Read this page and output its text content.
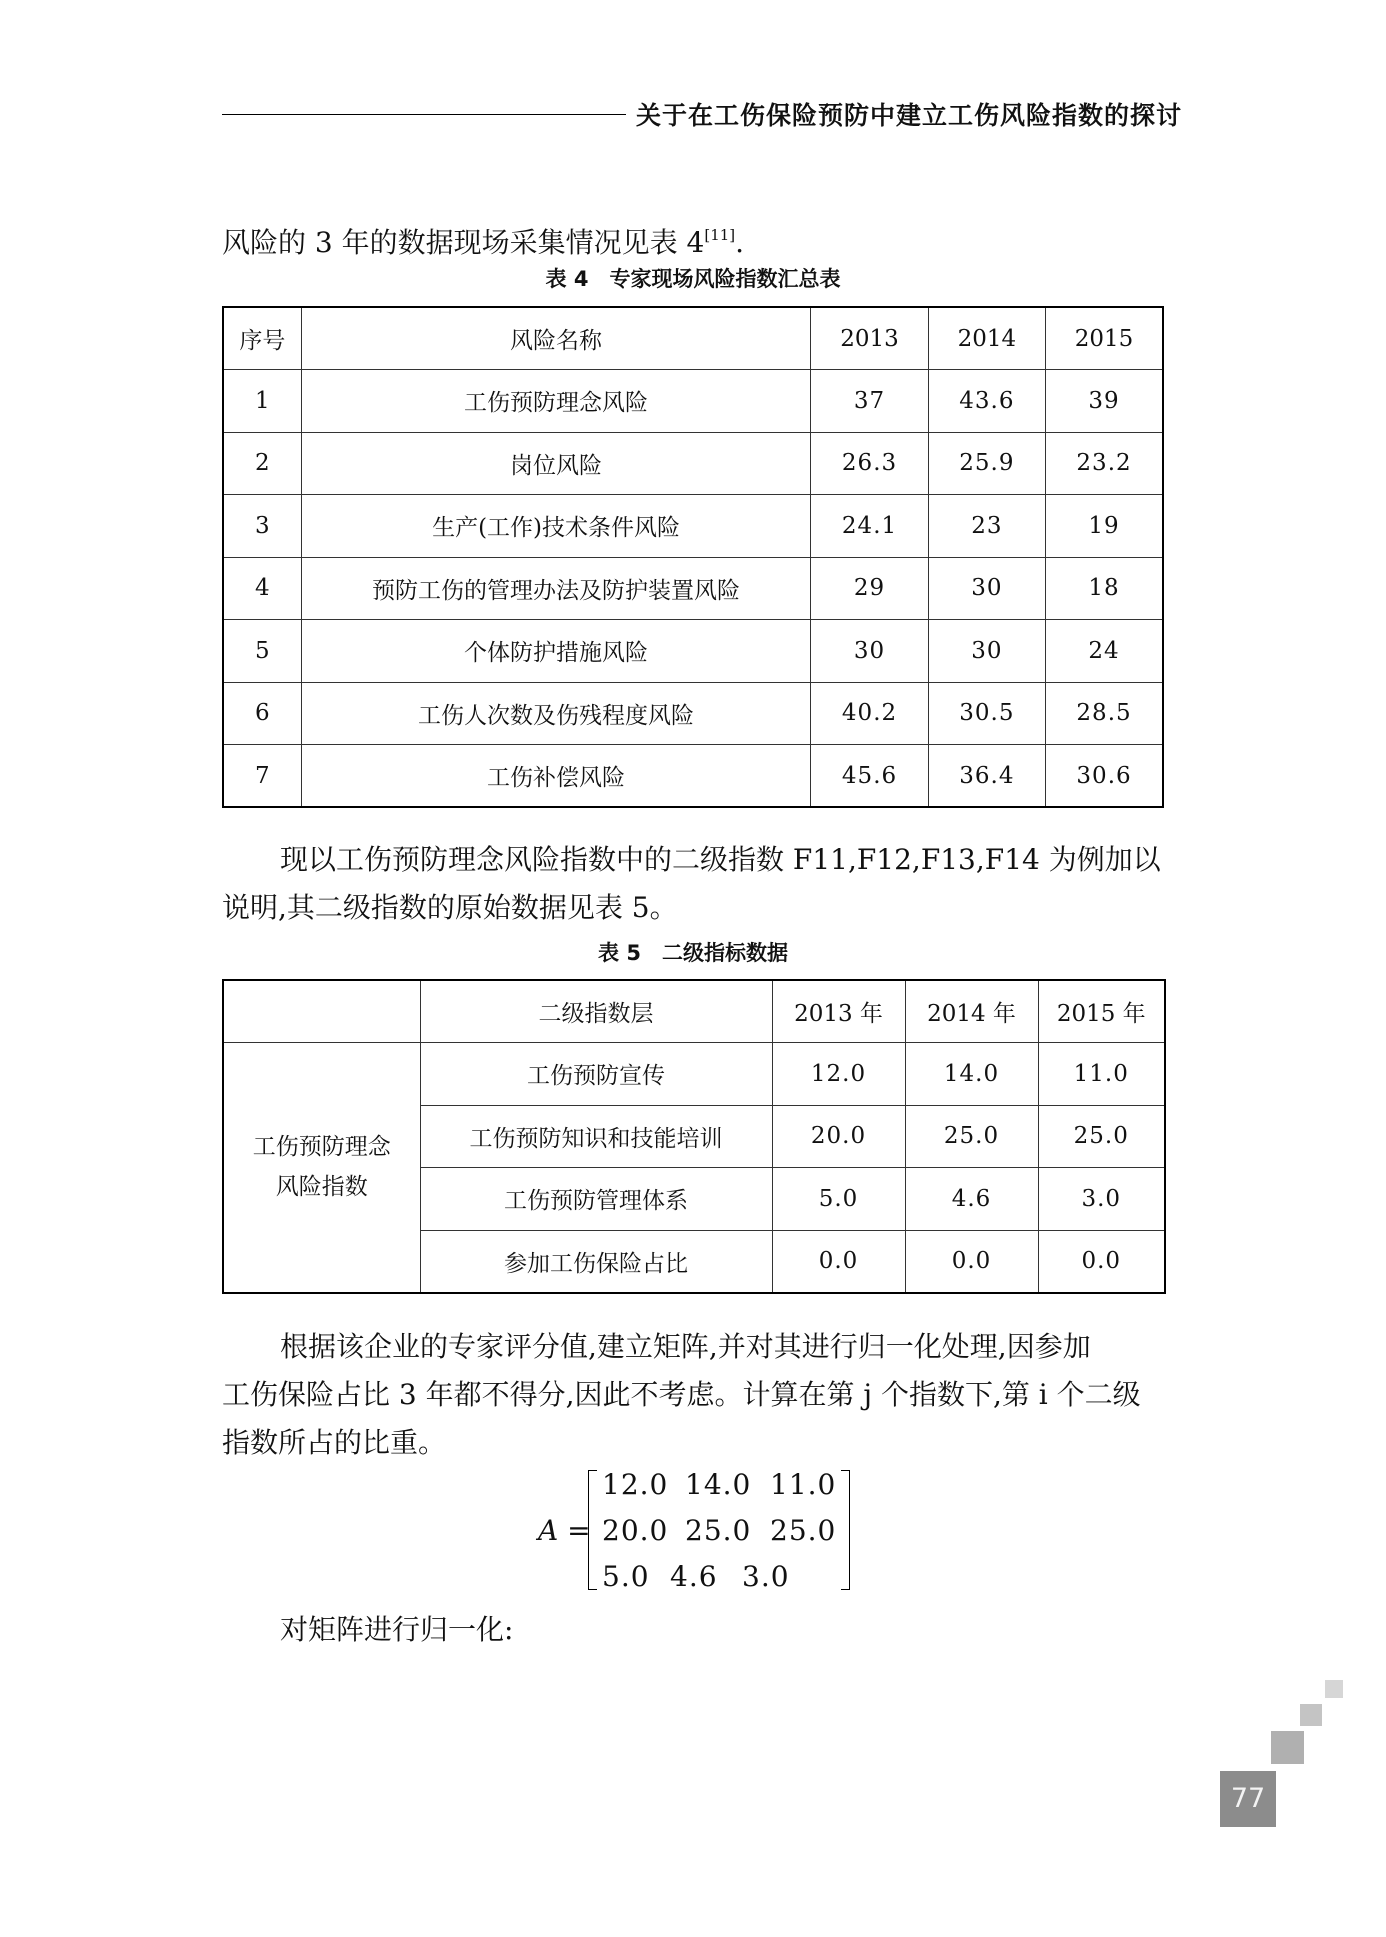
关于在工伤保险预防中建立工伤风险指数的探讨
风险的 3 年的数据现场采集情况见表 4[11].
表 4　专家现场风险指数汇总表
序号	风险名称	2013	2014	2015
1	工伤预防理念风险	37	43.6	39
2	岗位风险	26.3	25.9	23.2
3	生产(工作)技术条件风险	24.1	23	19
4	预防工伤的管理办法及防护装置风险	29	30	18
5	个体防护措施风险	30	30	24
6	工伤人次数及伤残程度风险	40.2	30.5	28.5
7	工伤补偿风险	45.6	36.4	30.6
现以工伤预防理念风险指数中的二级指数 F11,F12,F13,F14 为例加以
说明,其二级指数的原始数据见表 5。
表 5　二级指标数据
	二级指数层	2013 年	2014 年	2015 年

工伤预防理念
风险指数	工伤预防宣传	12.0	14.0	11.0
	工伤预防知识和技能培训	20.0	25.0	25.0
	工伤预防管理体系	5.0	4.6	3.0
	参加工伤保险占比	0.0	0.0	0.0
根据该企业的专家评分值,建立矩阵,并对其进行归一化处理,因参加
工伤保险占比 3 年都不得分,因此不考虑。计算在第 j 个指数下,第 i 个二级
指数所占的比重。
A =
12.0 14.0 11.0
20.0 25.0 25.0
5.0 4.6 3.0
对矩阵进行归一化:
77
